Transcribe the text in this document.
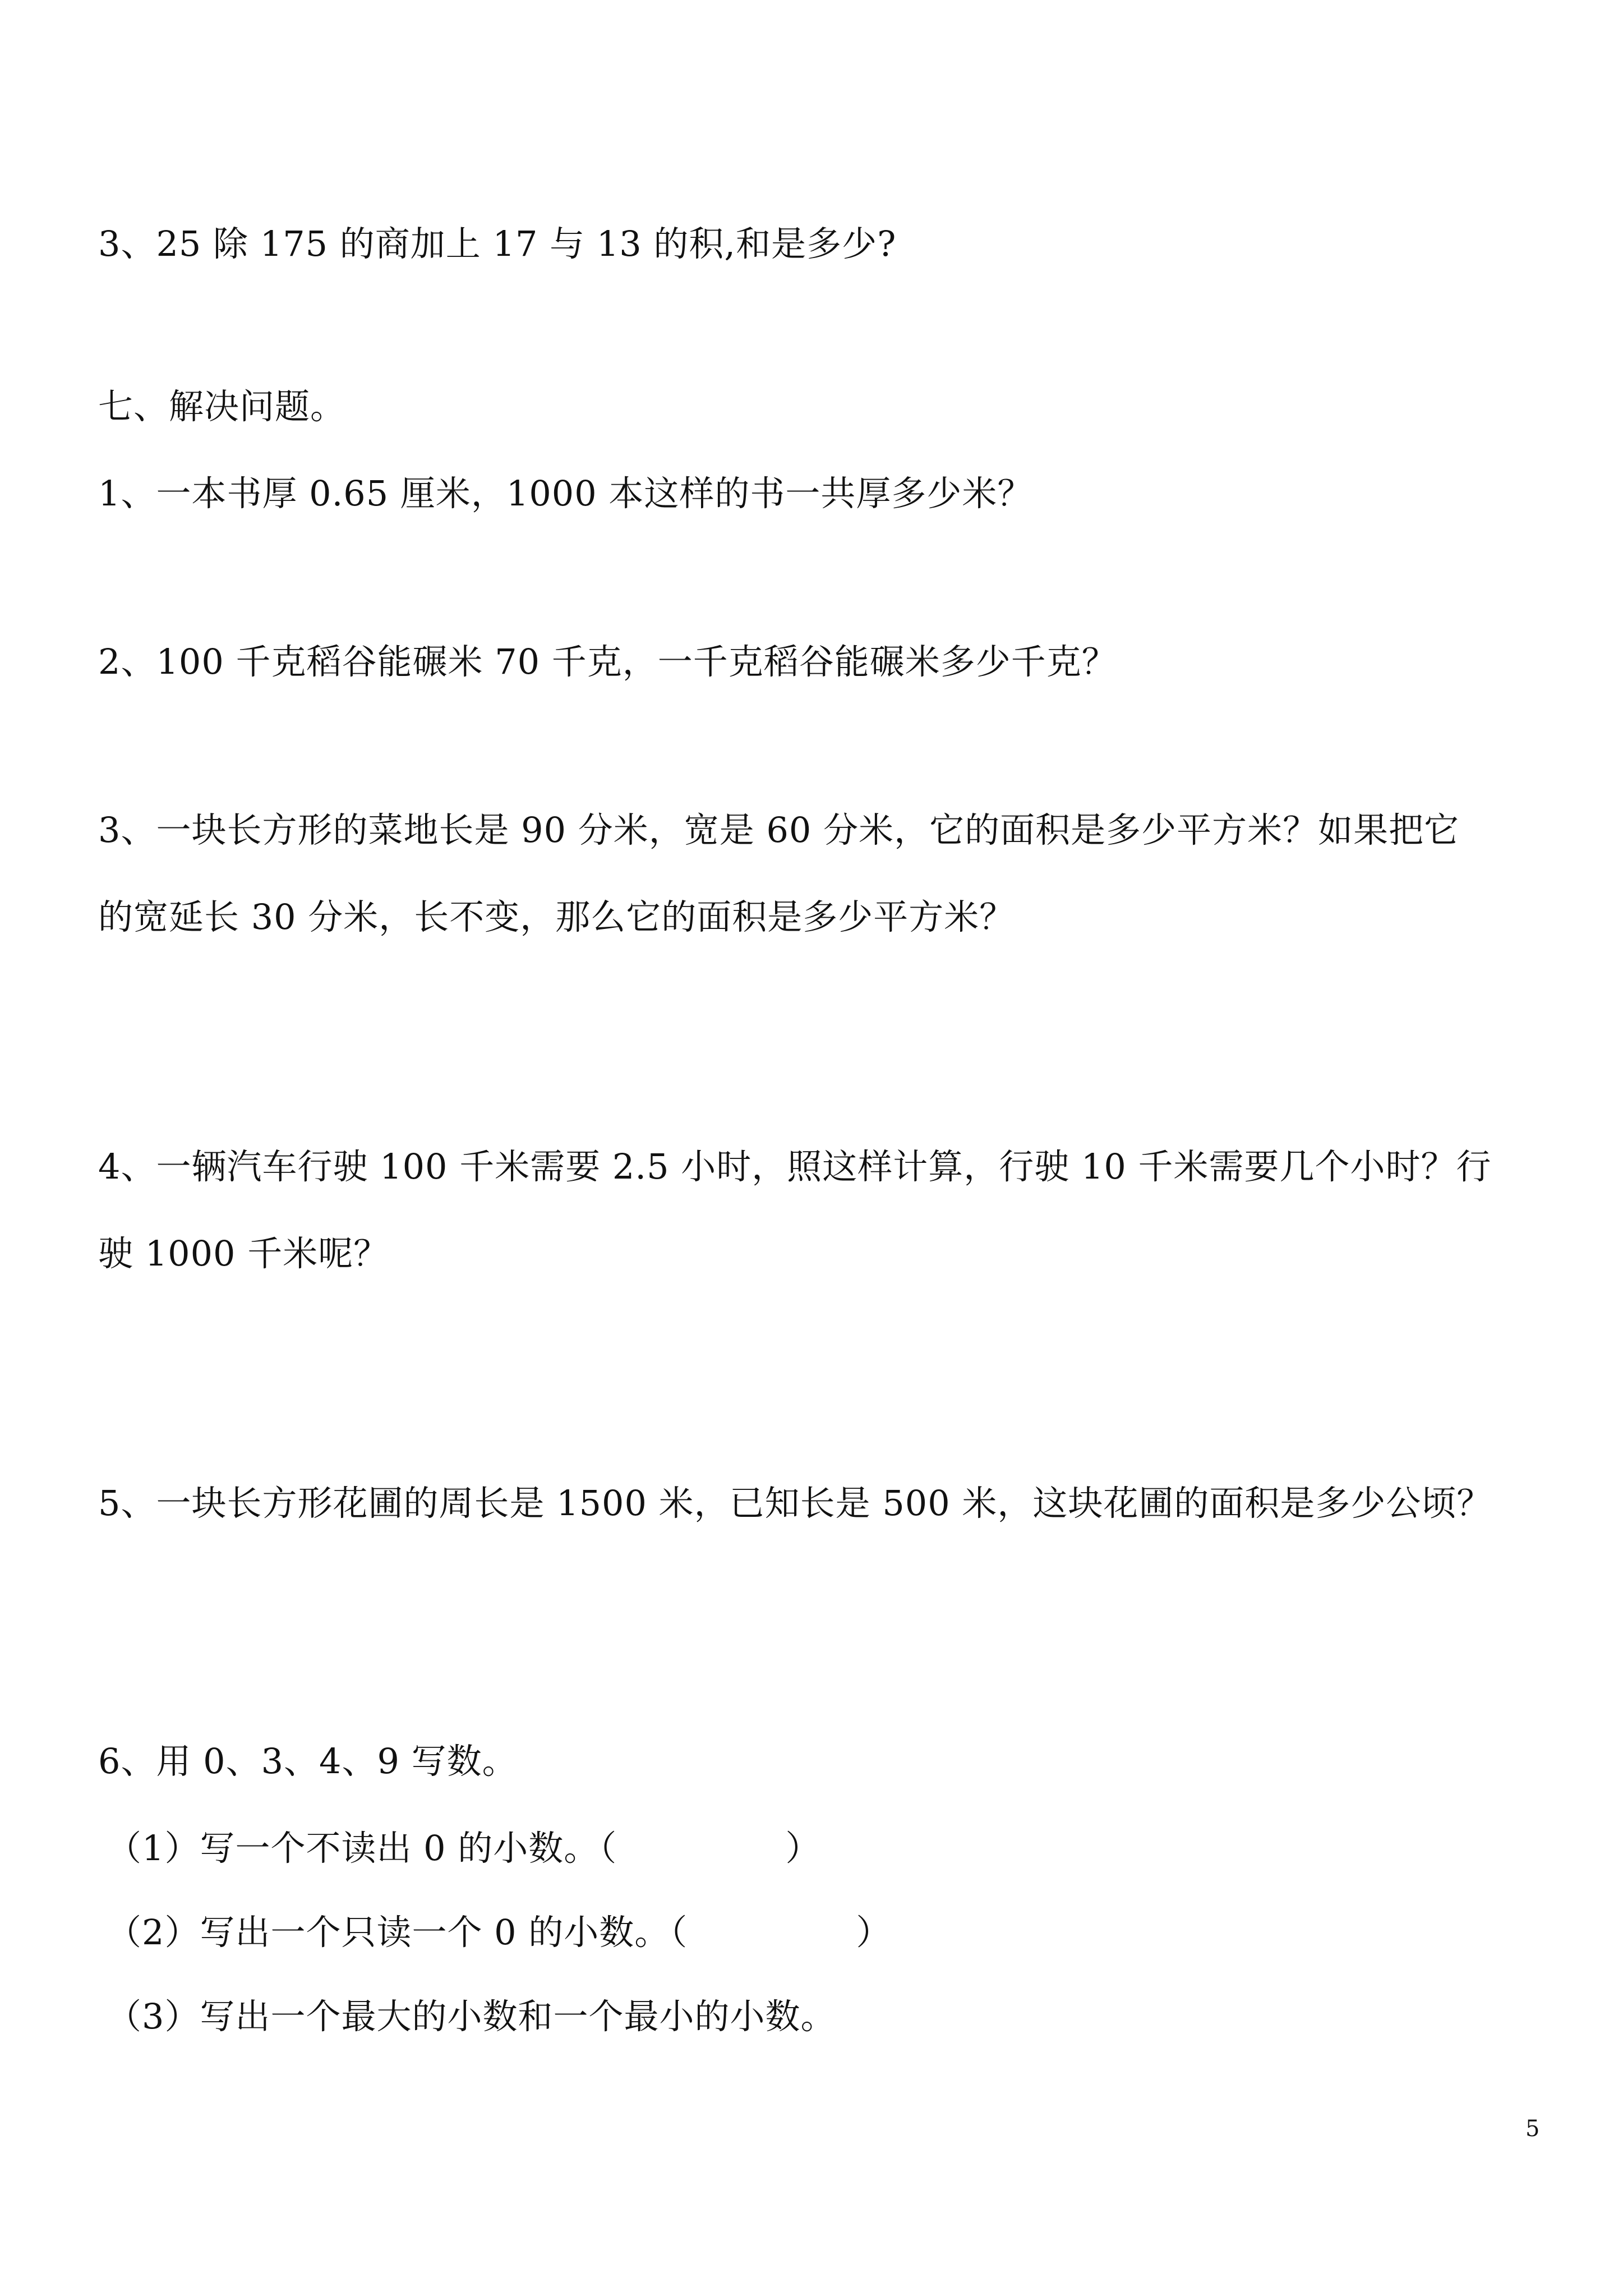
3、25 除 175 的商加上 17 与 13 的积,和是多少?
七、解决问题。
1、一本书厚 0.65 厘米，1000 本这样的书一共厚多少米？
2、100 千克稻谷能碾米 70 千克，一千克稻谷能碾米多少千克？
3、一块长方形的菜地长是 90 分米，宽是 60 分米，它的面积是多少平方米？如果把它
的宽延长 30 分米，长不变，那么它的面积是多少平方米？
4、一辆汽车行驶 100 千米需要 2.5 小时，照这样计算，行驶 10 千米需要几个小时？行
驶 1000 千米呢？
5、一块长方形花圃的周长是 1500 米，已知长是 500 米，这块花圃的面积是多少公顷？
6、用 0、3、4、9 写数。
（1）写一个不读出 0 的小数。（	）
（2）写出一个只读一个 0 的小数。（	）
（3）写出一个最大的小数和一个最小的小数。
5
